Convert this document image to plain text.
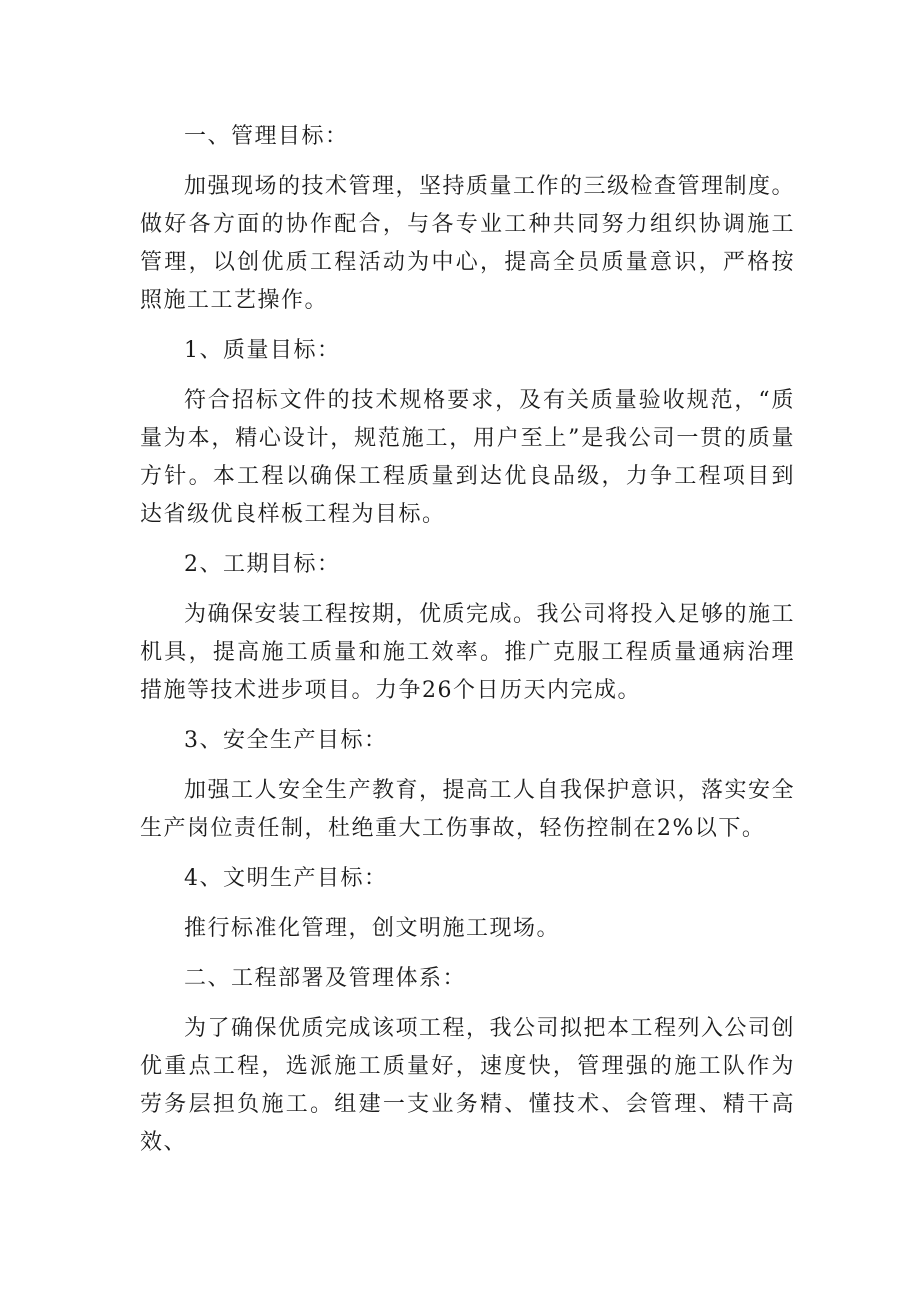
一、管理目标：

加强现场的技术管理，坚持质量工作的三级检查管理制度。做好各方面的协作配合，与各专业工种共同努力组织协调施工管理，以创优质工程活动为中心，提高全员质量意识，严格按照施工工艺操作。

1、质量目标：

符合招标文件的技术规格要求，及有关质量验收规范，“质量为本，精心设计，规范施工，用户至上”是我公司一贯的质量方针。本工程以确保工程质量到达优良品级，力争工程项目到达省级优良样板工程为目标。

2、工期目标：

为确保安装工程按期，优质完成。我公司将投入足够的施工机具，提高施工质量和施工效率。推广克服工程质量通病治理措施等技术进步项目。力争26个日历天内完成。

3、安全生产目标：

加强工人安全生产教育，提高工人自我保护意识，落实安全生产岗位责任制，杜绝重大工伤事故，轻伤控制在2%以下。

4、文明生产目标：

推行标准化管理，创文明施工现场。

二、工程部署及管理体系：

为了确保优质完成该项工程，我公司拟把本工程列入公司创优重点工程，选派施工质量好，速度快，管理强的施工队作为劳务层担负施工。组建一支业务精、懂技术、会管理、精干高效、
